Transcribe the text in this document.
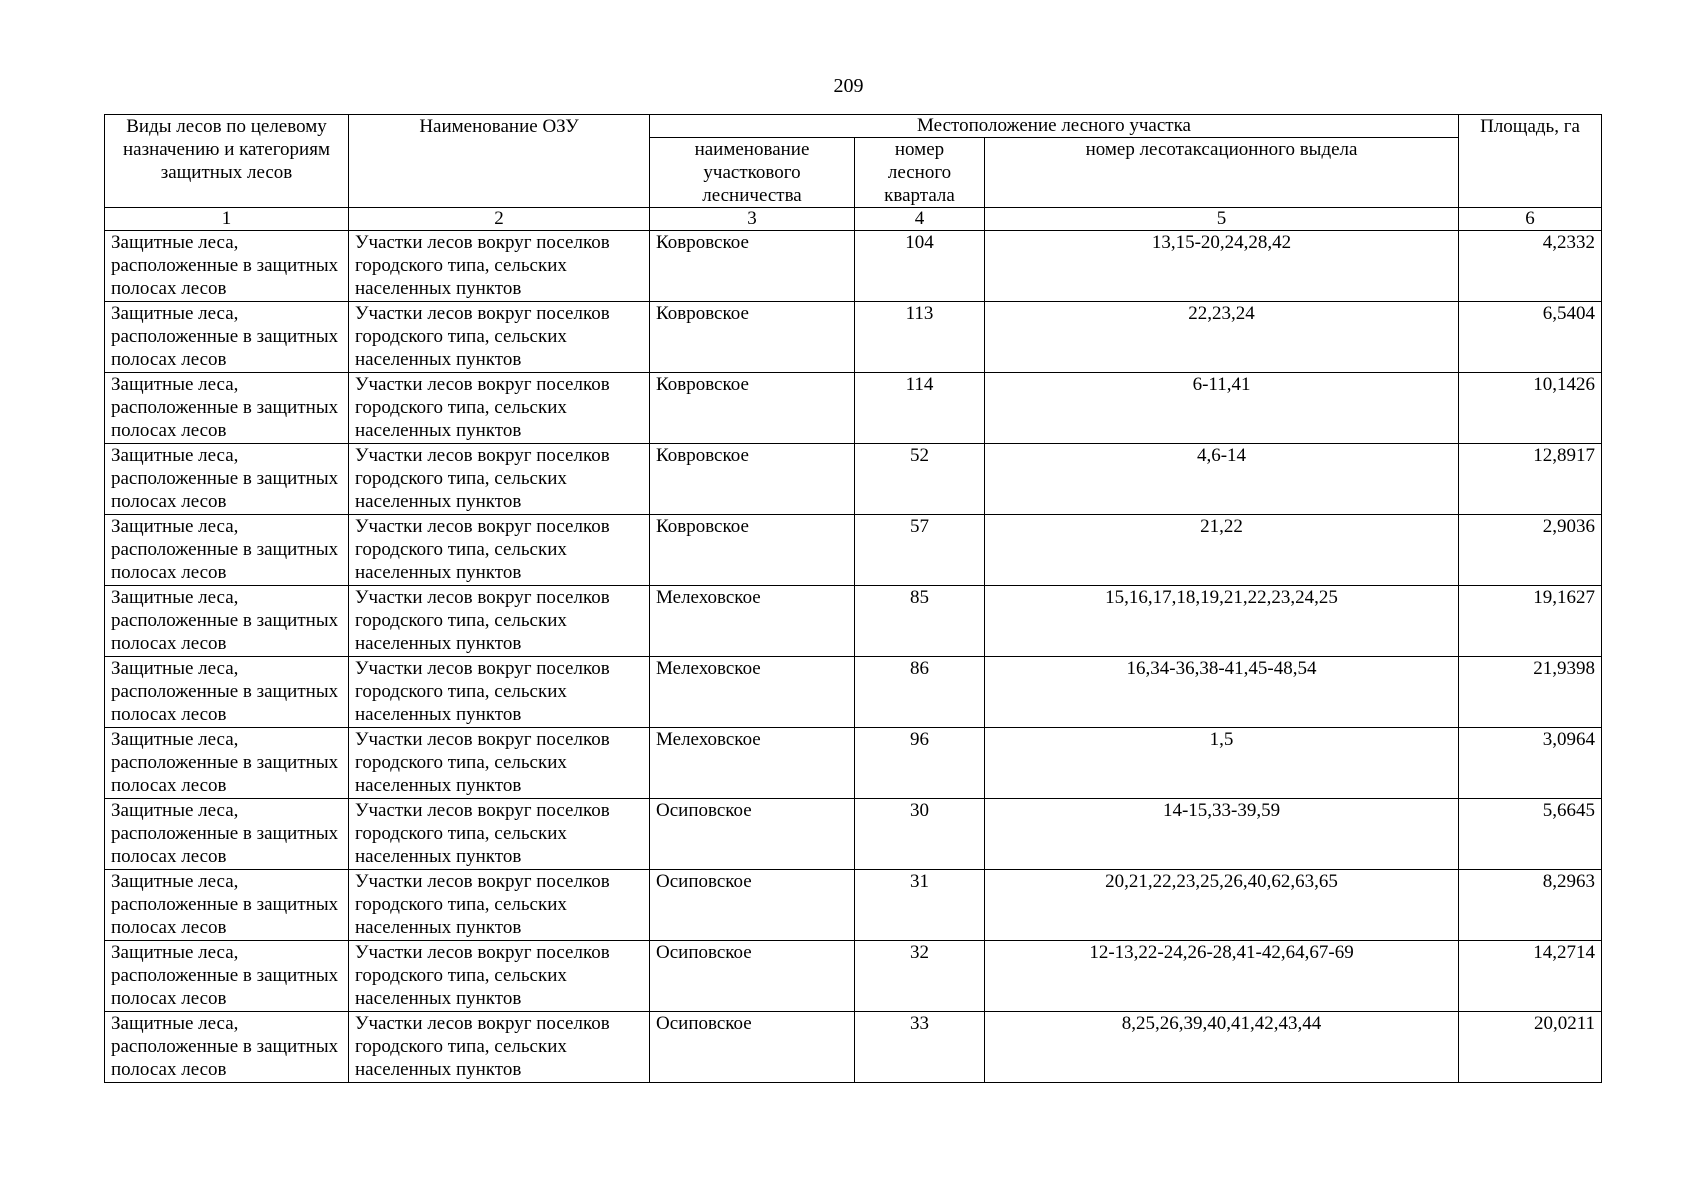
209
Виды лесов по целевому назначению и категориям защитных лесов	Наименование ОЗУ	Местоположение лесного участка			Площадь, га
		наименование участкового лесничества	номер лесного квартала	номер лесотаксационного выдела	
1	2	3	4	5	6
Защитные леса, расположенные в защитных полосах лесов	Участки лесов вокруг поселков городского типа, сельских населенных пунктов	Ковровское	104	13,15-20,24,28,42	4,2332
Защитные леса, расположенные в защитных полосах лесов	Участки лесов вокруг поселков городского типа, сельских населенных пунктов	Ковровское	113	22,23,24	6,5404
Защитные леса, расположенные в защитных полосах лесов	Участки лесов вокруг поселков городского типа, сельских населенных пунктов	Ковровское	114	6-11,41	10,1426
Защитные леса, расположенные в защитных полосах лесов	Участки лесов вокруг поселков городского типа, сельских населенных пунктов	Ковровское	52	4,6-14	12,8917
Защитные леса, расположенные в защитных полосах лесов	Участки лесов вокруг поселков городского типа, сельских населенных пунктов	Ковровское	57	21,22	2,9036
Защитные леса, расположенные в защитных полосах лесов	Участки лесов вокруг поселков городского типа, сельских населенных пунктов	Мелеховское	85	15,16,17,18,19,21,22,23,24,25	19,1627
Защитные леса, расположенные в защитных полосах лесов	Участки лесов вокруг поселков городского типа, сельских населенных пунктов	Мелеховское	86	16,34-36,38-41,45-48,54	21,9398
Защитные леса, расположенные в защитных полосах лесов	Участки лесов вокруг поселков городского типа, сельских населенных пунктов	Мелеховское	96	1,5	3,0964
Защитные леса, расположенные в защитных полосах лесов	Участки лесов вокруг поселков городского типа, сельских населенных пунктов	Осиповское	30	14-15,33-39,59	5,6645
Защитные леса, расположенные в защитных полосах лесов	Участки лесов вокруг поселков городского типа, сельских населенных пунктов	Осиповское	31	20,21,22,23,25,26,40,62,63,65	8,2963
Защитные леса, расположенные в защитных полосах лесов	Участки лесов вокруг поселков городского типа, сельских населенных пунктов	Осиповское	32	12-13,22-24,26-28,41-42,64,67-69	14,2714
Защитные леса, расположенные в защитных полосах лесов	Участки лесов вокруг поселков городского типа, сельских населенных пунктов	Осиповское	33	8,25,26,39,40,41,42,43,44	20,0211
